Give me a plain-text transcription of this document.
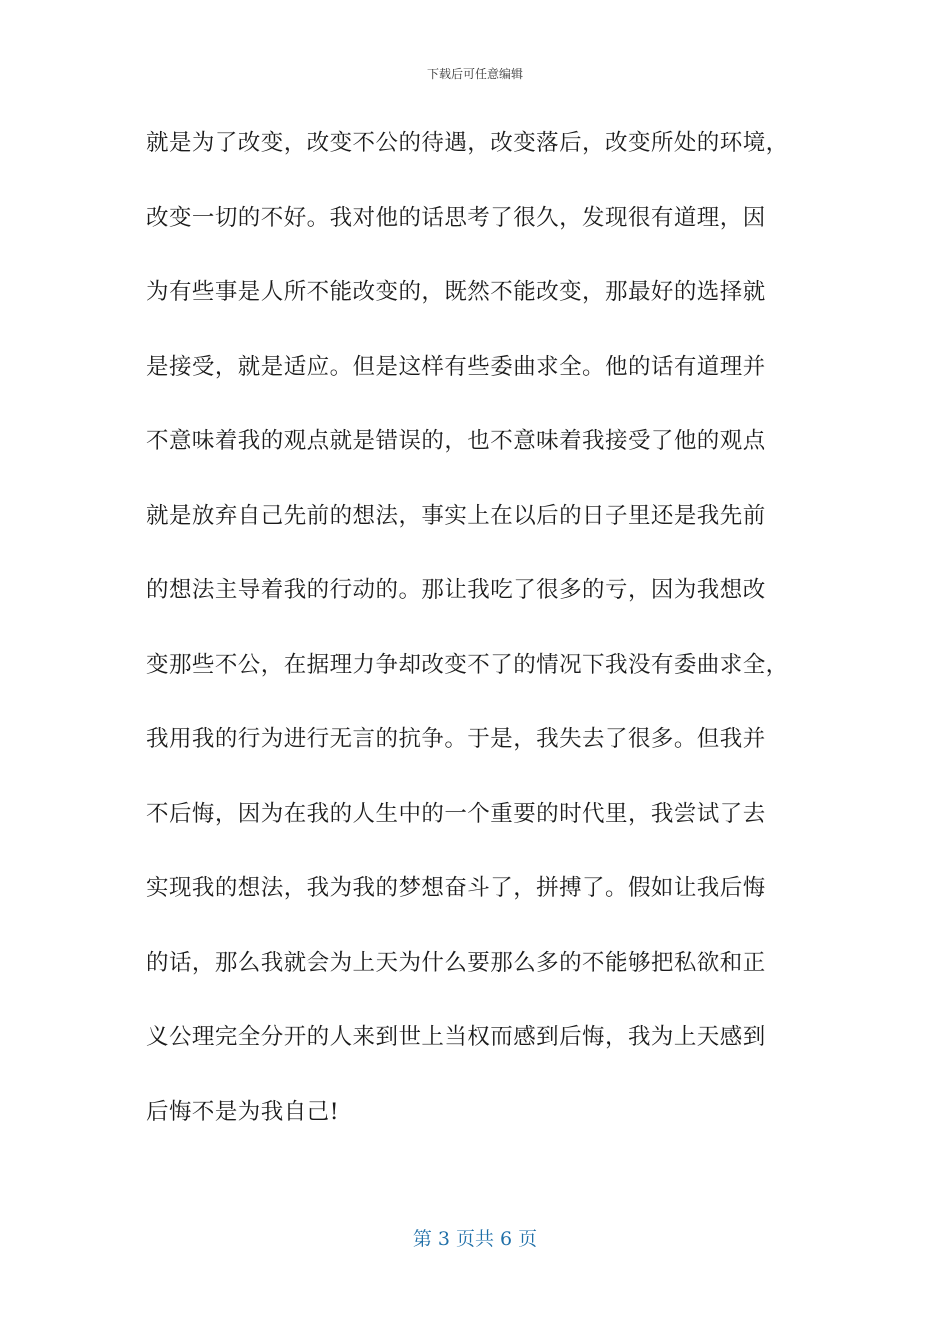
下载后可任意编辑
就是为了改变，改变不公的待遇，改变落后，改变所处的环境，
改变一切的不好。我对他的话思考了很久，发现很有道理，因
为有些事是人所不能改变的，既然不能改变，那最好的选择就
是接受，就是适应。但是这样有些委曲求全。他的话有道理并
不意味着我的观点就是错误的，也不意味着我接受了他的观点
就是放弃自己先前的想法，事实上在以后的日子里还是我先前
的想法主导着我的行动的。那让我吃了很多的亏，因为我想改
变那些不公，在据理力争却改变不了的情况下我没有委曲求全，
我用我的行为进行无言的抗争。于是，我失去了很多。但我并
不后悔，因为在我的人生中的一个重要的时代里，我尝试了去
实现我的想法，我为我的梦想奋斗了，拼搏了。假如让我后悔
的话，那么我就会为上天为什么要那么多的不能够把私欲和正
义公理完全分开的人来到世上当权而感到后悔，我为上天感到
后悔不是为我自己!
第 3 页共 6 页
